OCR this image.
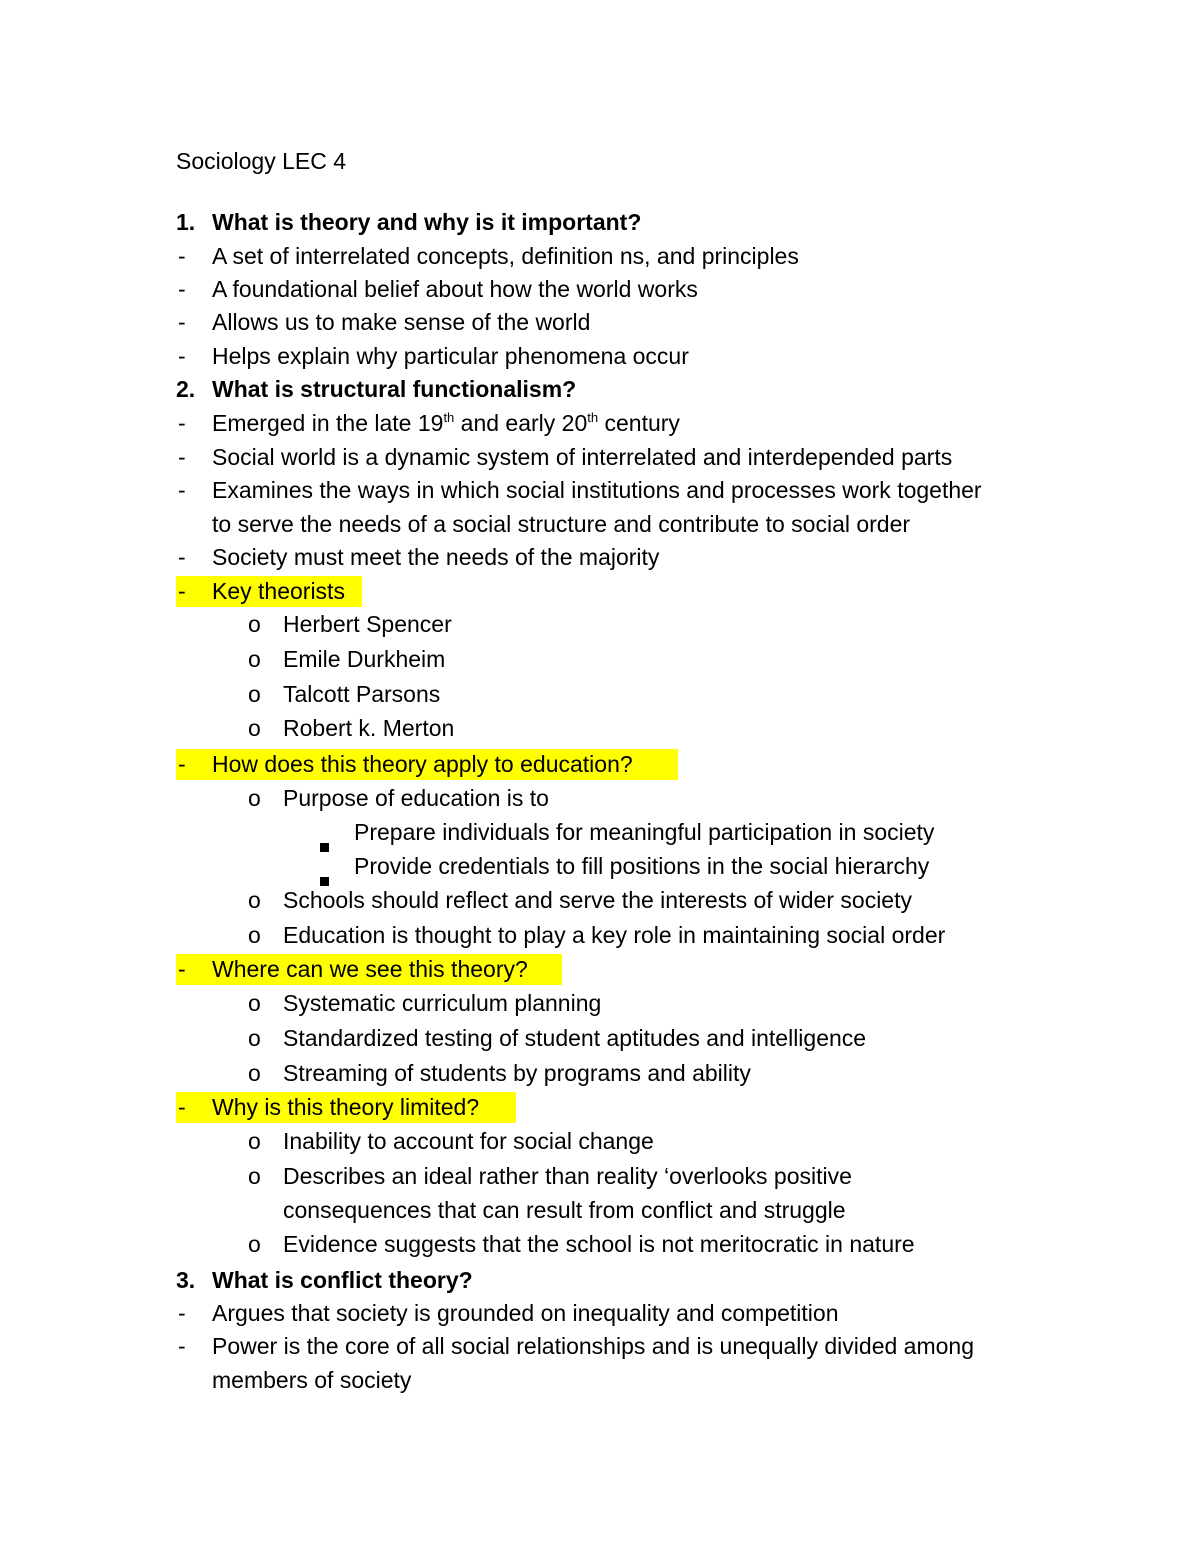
Sociology LEC 4
1. What is theory and why is it important?
- A set of interrelated concepts, definition ns, and principles
- A foundational belief about how the world works
- Allows us to make sense of the world
- Helps explain why particular phenomena occur
2. What is structural functionalism?
- Emerged in the late 19th and early 20th century
- Social world is a dynamic system of interrelated and interdepended parts
- Examines the ways in which social institutions and processes work together
to serve the needs of a social structure and contribute to social order
- Society must meet the needs of the majority
- Key theorists
o Herbert Spencer
o Emile Durkheim
o Talcott Parsons
o Robert k. Merton
- How does this theory apply to education?
o Purpose of education is to
Prepare individuals for meaningful participation in society
Provide credentials to fill positions in the social hierarchy
o Schools should reflect and serve the interests of wider society
o Education is thought to play a key role in maintaining social order
- Where can we see this theory?
o Systematic curriculum planning
o Standardized testing of student aptitudes and intelligence
o Streaming of students by programs and ability
- Why is this theory limited?
o Inability to account for social change
o Describes an ideal rather than reality ‘overlooks positive
consequences that can result from conflict and struggle
o Evidence suggests that the school is not meritocratic in nature
3. What is conflict theory?
- Argues that society is grounded on inequality and competition
- Power is the core of all social relationships and is unequally divided among
members of society
